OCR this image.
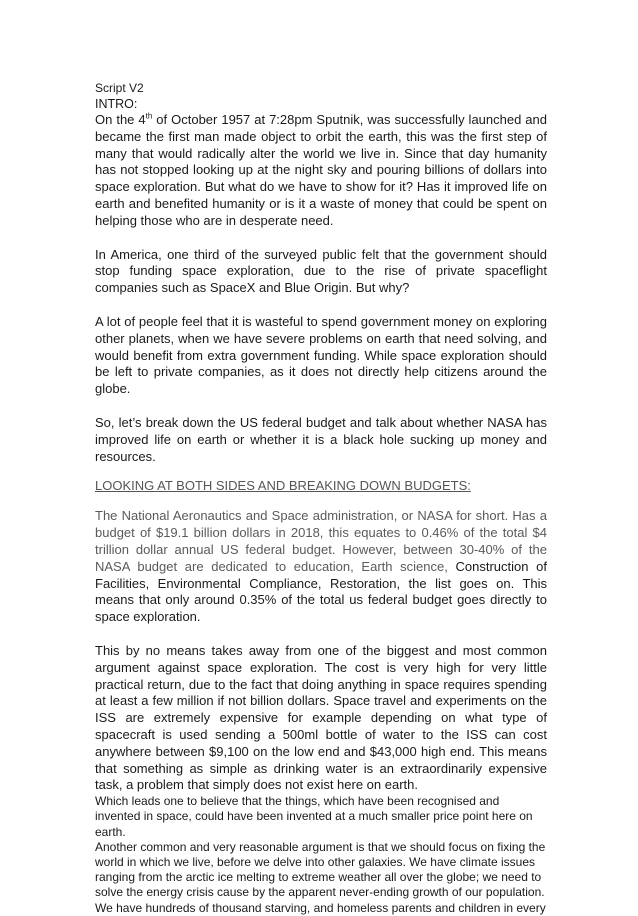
Script V2

INTRO:

On the 4th of October 1957 at 7:28pm Sputnik, was successfully launched and became the first man made object to orbit the earth, this was the first step of many that would radically alter the world we live in. Since that day humanity has not stopped looking up at the night sky and pouring billions of dollars into space exploration. But what do we have to show for it? Has it improved life on earth and benefited humanity or is it a waste of money that could be spent on helping those who are in desperate need.

In America, one third of the surveyed public felt that the government should stop funding space exploration, due to the rise of private spaceflight companies such as SpaceX and Blue Origin. But why?

A lot of people feel that it is wasteful to spend government money on exploring other planets, when we have severe problems on earth that need solving, and would benefit from extra government funding. While space exploration should be left to private companies, as it does not directly help citizens around the globe.

So, let’s break down the US federal budget and talk about whether NASA has improved life on earth or whether it is a black hole sucking up money and resources.

LOOKING AT BOTH SIDES AND BREAKING DOWN BUDGETS:

The National Aeronautics and Space administration, or NASA for short. Has a budget of $19.1 billion dollars in 2018, this equates to 0.46% of the total $4 trillion dollar annual US federal budget. However, between 30-40% of the NASA budget are dedicated to education, Earth science, Construction of Facilities, Environmental Compliance, Restoration, the list goes on. This means that only around 0.35% of the total us federal budget goes directly to space exploration.

This by no means takes away from one of the biggest and most common argument against space exploration. The cost is very high for very little practical return, due to the fact that doing anything in space requires spending at least a few million if not billion dollars. Space travel and experiments on the ISS are extremely expensive for example depending on what type of spacecraft is used sending a 500ml bottle of water to the ISS can cost anywhere between $9,100 on the low end and $43,000 high end. This means that something as simple as drinking water is an extraordinarily expensive task, a problem that simply does not exist here on earth.

Which leads one to believe that the things, which have been recognised and invented in space, could have been invented at a much smaller price point here on earth.

Another common and very reasonable argument is that we should focus on fixing the world in which we live, before we delve into other galaxies. We have climate issues ranging from the arctic ice melting to extreme weather all over the globe; we need to solve the energy crisis cause by the apparent never-ending growth of our population. We have hundreds of thousand starving, and homeless parents and children in every
